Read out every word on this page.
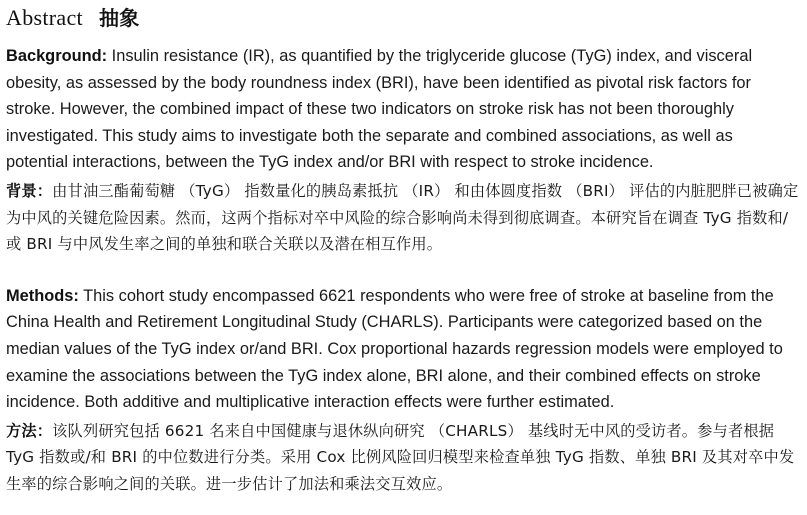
Abstract 抽象

Background: Insulin resistance (IR), as quantified by the triglyceride glucose (TyG) index, and visceral obesity, as assessed by the body roundness index (BRI), have been identified as pivotal risk factors for stroke. However, the combined impact of these two indicators on stroke risk has not been thoroughly investigated. This study aims to investigate both the separate and combined associations, as well as potential interactions, between the TyG index and/or BRI with respect to stroke incidence.

背景：由甘油三酯葡萄糖 （TyG） 指数量化的胰岛素抵抗 （IR） 和由体圆度指数 （BRI） 评估的内脏肥胖已被确定为中风的关键危险因素。然而，这两个指标对卒中风险的综合影响尚未得到彻底调查。本研究旨在调查 TyG 指数和/或 BRI 与中风发生率之间的单独和联合关联以及潜在相互作用。

Methods: This cohort study encompassed 6621 respondents who were free of stroke at baseline from the China Health and Retirement Longitudinal Study (CHARLS). Participants were categorized based on the median values of the TyG index or/and BRI. Cox proportional hazards regression models were employed to examine the associations between the TyG index alone, BRI alone, and their combined effects on stroke incidence. Both additive and multiplicative interaction effects were further estimated.

方法：该队列研究包括 6621 名来自中国健康与退休纵向研究 （CHARLS） 基线时无中风的受访者。参与者根据 TyG 指数或/和 BRI 的中位数进行分类。采用 Cox 比例风险回归模型来检查单独 TyG 指数、单独 BRI 及其对卒中发生率的综合影响之间的关联。进一步估计了加法和乘法交互效应。
